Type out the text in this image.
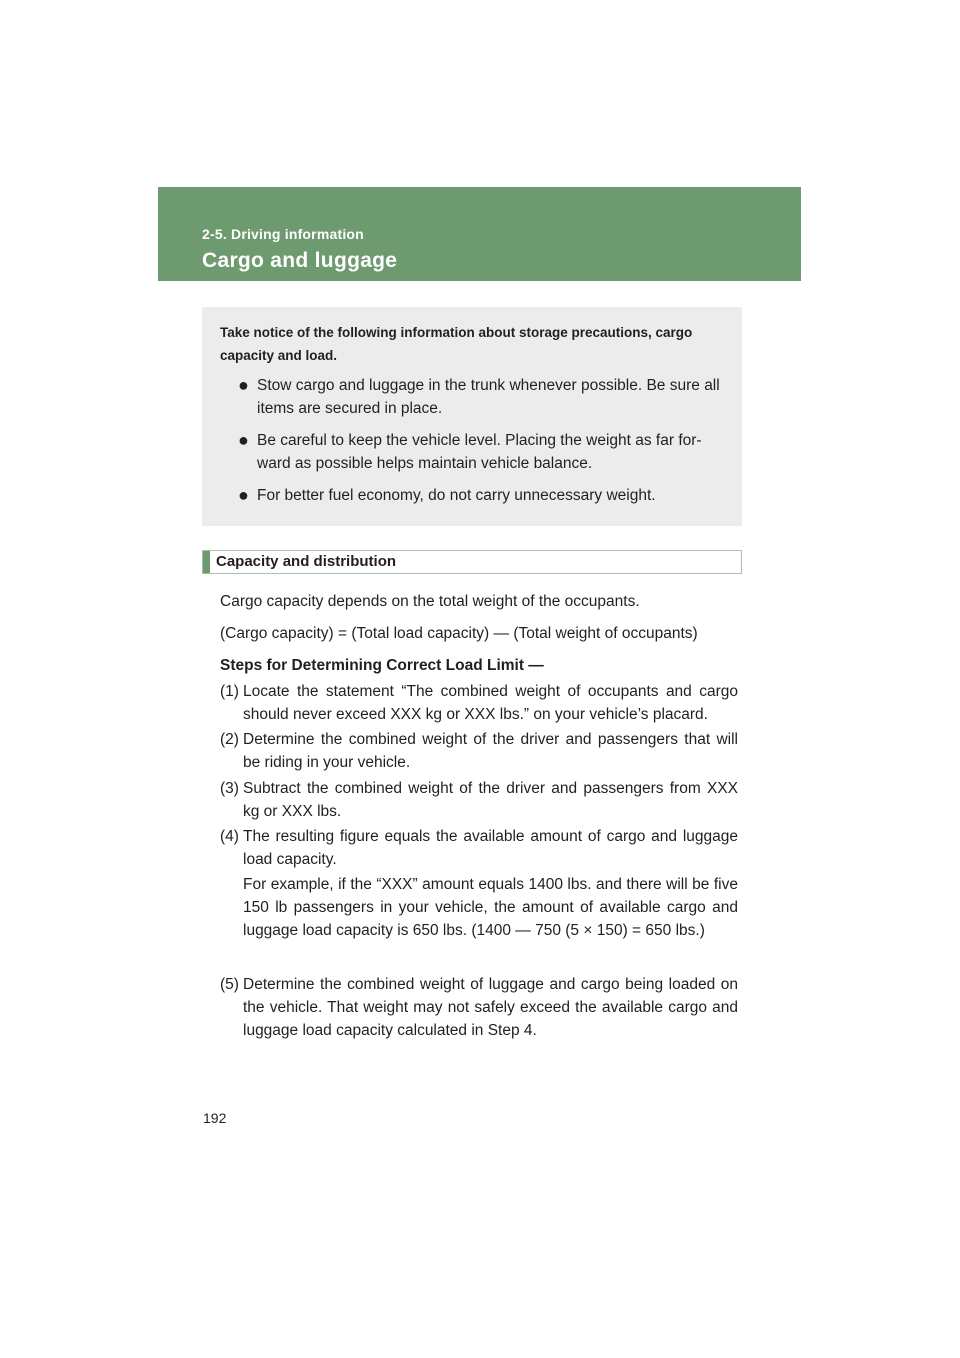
2-5. Driving information
Cargo and luggage
Take notice of the following information about storage precautions, cargo capacity and load.
● Stow cargo and luggage in the trunk whenever possible. Be sure all items are secured in place.
● Be careful to keep the vehicle level. Placing the weight as far for-ward as possible helps maintain vehicle balance.
● For better fuel economy, do not carry unnecessary weight.
Capacity and distribution
Cargo capacity depends on the total weight of the occupants.
(Cargo capacity) = (Total load capacity) — (Total weight of occupants)
Steps for Determining Correct Load Limit —
(1) Locate the statement “The combined weight of occupants and cargo should never exceed XXX kg or XXX lbs.” on your vehicle’s placard.
(2) Determine the combined weight of the driver and passengers that will be riding in your vehicle.
(3) Subtract the combined weight of the driver and passengers from XXX kg or XXX lbs.
(4) The resulting figure equals the available amount of cargo and luggage load capacity.
For example, if the “XXX” amount equals 1400 lbs. and there will be five 150 lb passengers in your vehicle, the amount of available cargo and luggage load capacity is 650 lbs. (1400 — 750 (5 × 150) = 650 lbs.)
(5) Determine the combined weight of luggage and cargo being loaded on the vehicle. That weight may not safely exceed the available cargo and luggage load capacity calculated in Step 4.
192
